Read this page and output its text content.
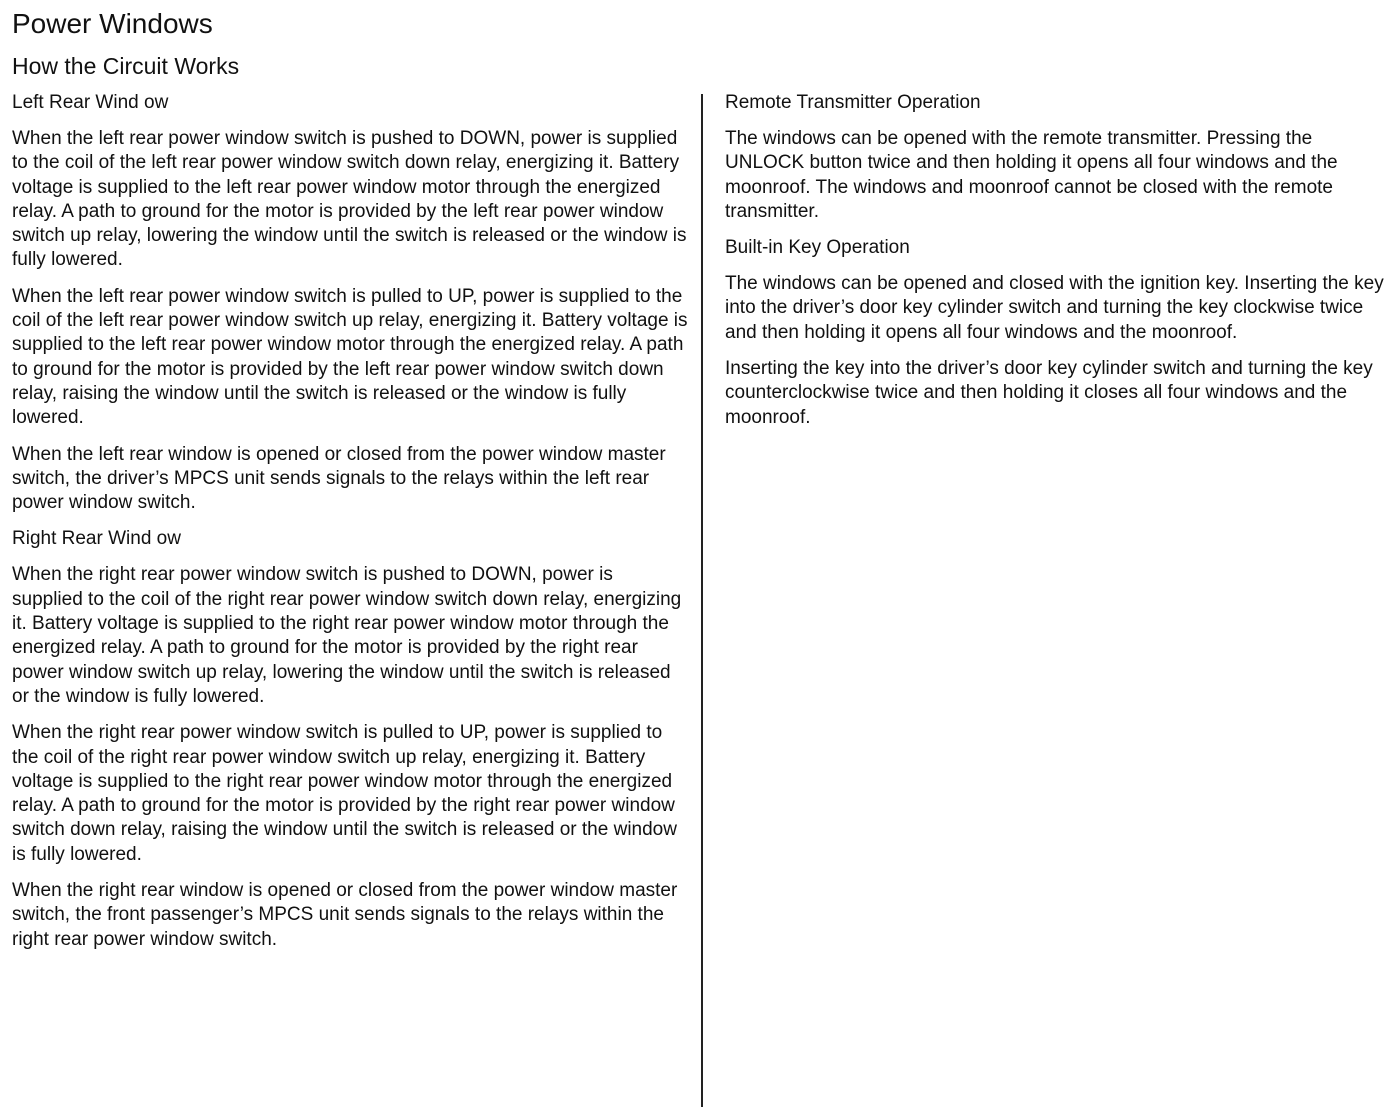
Power Windows
How the Circuit Works
Left Rear Wind ow

When the left rear power window switch is pushed to DOWN, power is supplied to the coil of the left rear power window switch down relay, energizing it. Battery voltage is supplied to the left rear power window motor through the energized relay. A path to ground for the motor is provided by the left rear power window switch up relay, lowering the window until the switch is released or the window is fully lowered.

When the left rear power window switch is pulled to UP, power is supplied to the coil of the left rear power window switch up relay, energizing it. Battery voltage is supplied to the left rear power window motor through the energized relay. A path to ground for the motor is provided by the left rear power window switch down relay, raising the window until the switch is released or the window is fully lowered.

When the left rear window is opened or closed from the power window master switch, the driver’s MPCS unit sends signals to the relays within the left rear power window switch.

Right Rear Wind ow

When the right rear power window switch is pushed to DOWN, power is supplied to the coil of the right rear power window switch down relay, energizing it. Battery voltage is supplied to the right rear power window motor through the energized relay. A path to ground for the motor is provided by the right rear power window switch up relay, lowering the window until the switch is released or the window is fully lowered.

When the right rear power window switch is pulled to UP, power is supplied to the coil of the right rear power window switch up relay, energizing it. Battery voltage is supplied to the right rear power window motor through the energized relay. A path to ground for the motor is provided by the right rear power window switch down relay, raising the window until the switch is released or the window is fully lowered.

When the right rear window is opened or closed from the power window master switch, the front passenger’s MPCS unit sends signals to the relays within the right rear power window switch.

Remote Transmitter Operation

The windows can be opened with the remote transmitter. Pressing the UNLOCK button twice and then holding it opens all four windows and the moonroof. The windows and moonroof cannot be closed with the remote transmitter.

Built-in Key Operation

The windows can be opened and closed with the ignition key. Inserting the key into the driver’s door key cylinder switch and turning the key clockwise twice and then holding it opens all four windows and the moonroof.

Inserting the key into the driver’s door key cylinder switch and turning the key counterclockwise twice and then holding it closes all four windows and the moonroof.
